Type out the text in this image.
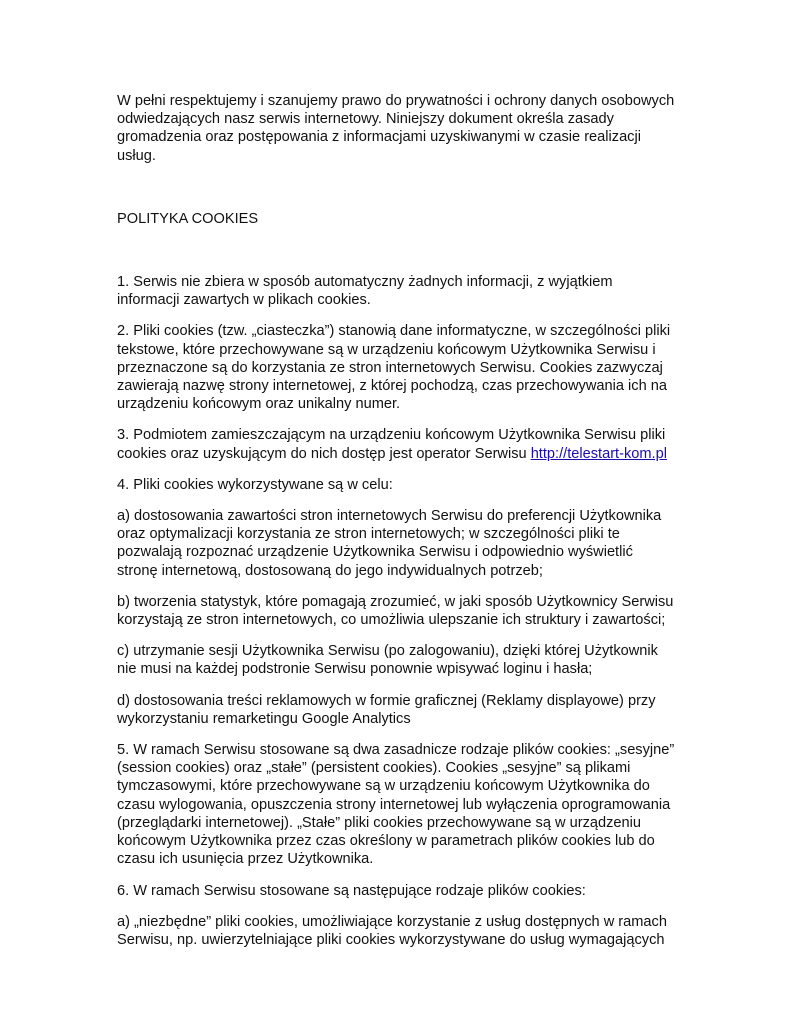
W pełni respektujemy i szanujemy prawo do prywatności i ochrony danych osobowych odwiedzających nasz serwis internetowy. Niniejszy dokument określa zasady gromadzenia oraz postępowania z informacjami uzyskiwanymi w czasie realizacji usług.

POLITYKA COOKIES

1. Serwis nie zbiera w sposób automatyczny żadnych informacji, z wyjątkiem informacji zawartych w plikach cookies.

2. Pliki cookies (tzw. „ciasteczka”) stanowią dane informatyczne, w szczególności pliki tekstowe, które przechowywane są w urządzeniu końcowym Użytkownika Serwisu i przeznaczone są do korzystania ze stron internetowych Serwisu. Cookies zazwyczaj zawierają nazwę strony internetowej, z której pochodzą, czas przechowywania ich na urządzeniu końcowym oraz unikalny numer.

3. Podmiotem zamieszczającym na urządzeniu końcowym Użytkownika Serwisu pliki cookies oraz uzyskującym do nich dostęp jest operator Serwisu http://telestart-kom.pl

4. Pliki cookies wykorzystywane są w celu:

a) dostosowania zawartości stron internetowych Serwisu do preferencji Użytkownika oraz optymalizacji korzystania ze stron internetowych; w szczególności pliki te pozwalają rozpoznać urządzenie Użytkownika Serwisu i odpowiednio wyświetlić stronę internetową, dostosowaną do jego indywidualnych potrzeb;

b) tworzenia statystyk, które pomagają zrozumieć, w jaki sposób Użytkownicy Serwisu korzystają ze stron internetowych, co umożliwia ulepszanie ich struktury i zawartości;

c) utrzymanie sesji Użytkownika Serwisu (po zalogowaniu), dzięki której Użytkownik nie musi na każdej podstronie Serwisu ponownie wpisywać loginu i hasła;

d) dostosowania treści reklamowych w formie graficznej (Reklamy displayowe) przy wykorzystaniu remarketingu Google Analytics

5. W ramach Serwisu stosowane są dwa zasadnicze rodzaje plików cookies: „sesyjne” (session cookies) oraz „stałe” (persistent cookies). Cookies „sesyjne” są plikami tymczasowymi, które przechowywane są w urządzeniu końcowym Użytkownika do czasu wylogowania, opuszczenia strony internetowej lub wyłączenia oprogramowania (przeglądarki internetowej). „Stałe” pliki cookies przechowywane są w urządzeniu końcowym Użytkownika przez czas określony w parametrach plików cookies lub do czasu ich usunięcia przez Użytkownika.

6. W ramach Serwisu stosowane są następujące rodzaje plików cookies:

a) „niezbędne” pliki cookies, umożliwiające korzystanie z usług dostępnych w ramach Serwisu, np. uwierzytelniające pliki cookies wykorzystywane do usług wymagających
